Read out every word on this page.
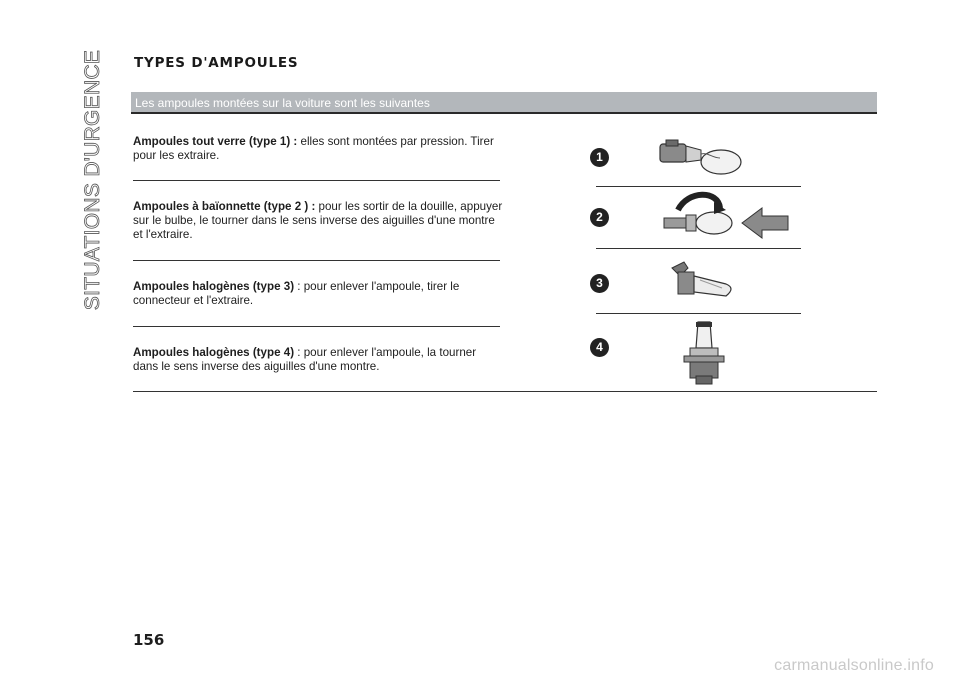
SITUATIONS D'URGENCE TYPES D'AMPOULES
Les ampoules montées sur la voiture sont les suivantes
Ampoules tout verre (type 1) : elles sont montées par pression. Tirer pour les extraire.
Ampoules à baïonnette (type 2 ) : pour les sortir de la douille, appuyer sur le bulbe, le tourner dans le sens inverse des aiguilles d'une montre et l'extraire.
Ampoules halogènes (type 3) : pour enlever l'ampoule, tirer le connecteur et l'extraire.
Ampoules halogènes (type 4) : pour enlever l'ampoule, la tourner dans le sens inverse des aiguilles d'une montre.
1
2
3
4
156
carmanualsonline.info
